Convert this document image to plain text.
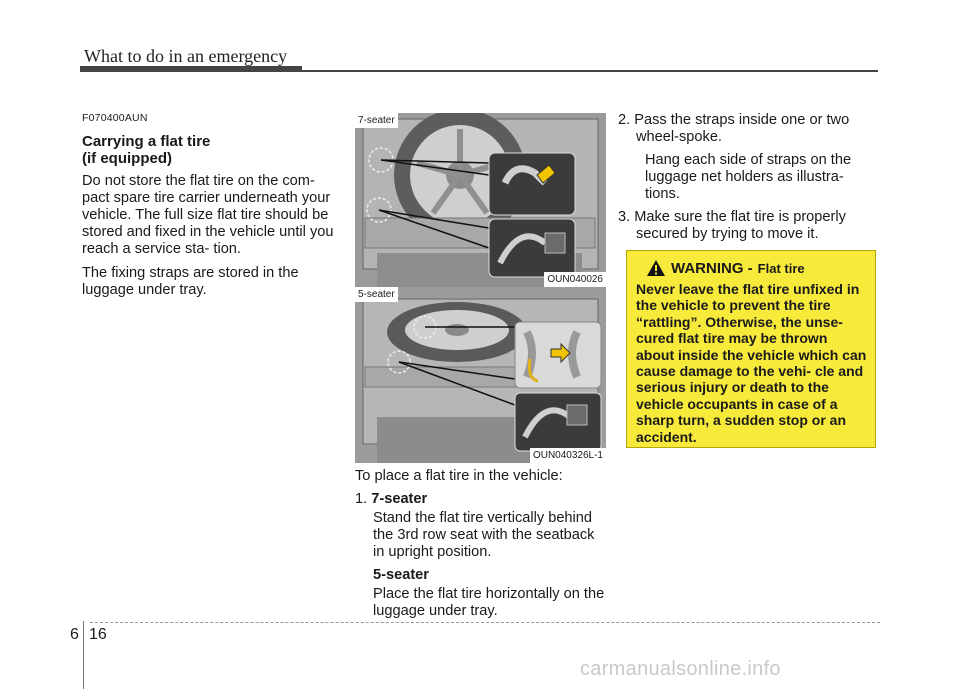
What to do in an emergency
F070400AUN
Carrying a flat tire
(if equipped)

Do not store the flat tire on the com- pact spare tire carrier underneath your vehicle. The full size flat tire should be stored and fixed in the vehicle until you reach a service sta- tion.

The fixing straps are stored in the luggage under tray.

7-seater
OUN040026
5-seater
OUN040326L-1

To place a flat tire in the vehicle:

1. 7-seater

Stand the flat tire vertically behind the 3rd row seat with the seatback in upright position.

5-seater

Place the flat tire horizontally on the luggage under tray.

2. Pass the straps inside one or two wheel-spoke.

Hang each side of straps on the luggage net holders as illustra- tions.

3. Make sure the flat tire is properly secured by trying to move it.

WARNING - Flat tire
Never leave the flat tire unfixed in the vehicle to prevent the tire “rattling”. Otherwise, the unse- cured flat tire may be thrown about inside the vehicle which can cause damage to the vehi- cle and serious injury or death to the vehicle occupants in case of a sharp turn, a sudden stop or an accident.
6 16
carmanualsonline.info
